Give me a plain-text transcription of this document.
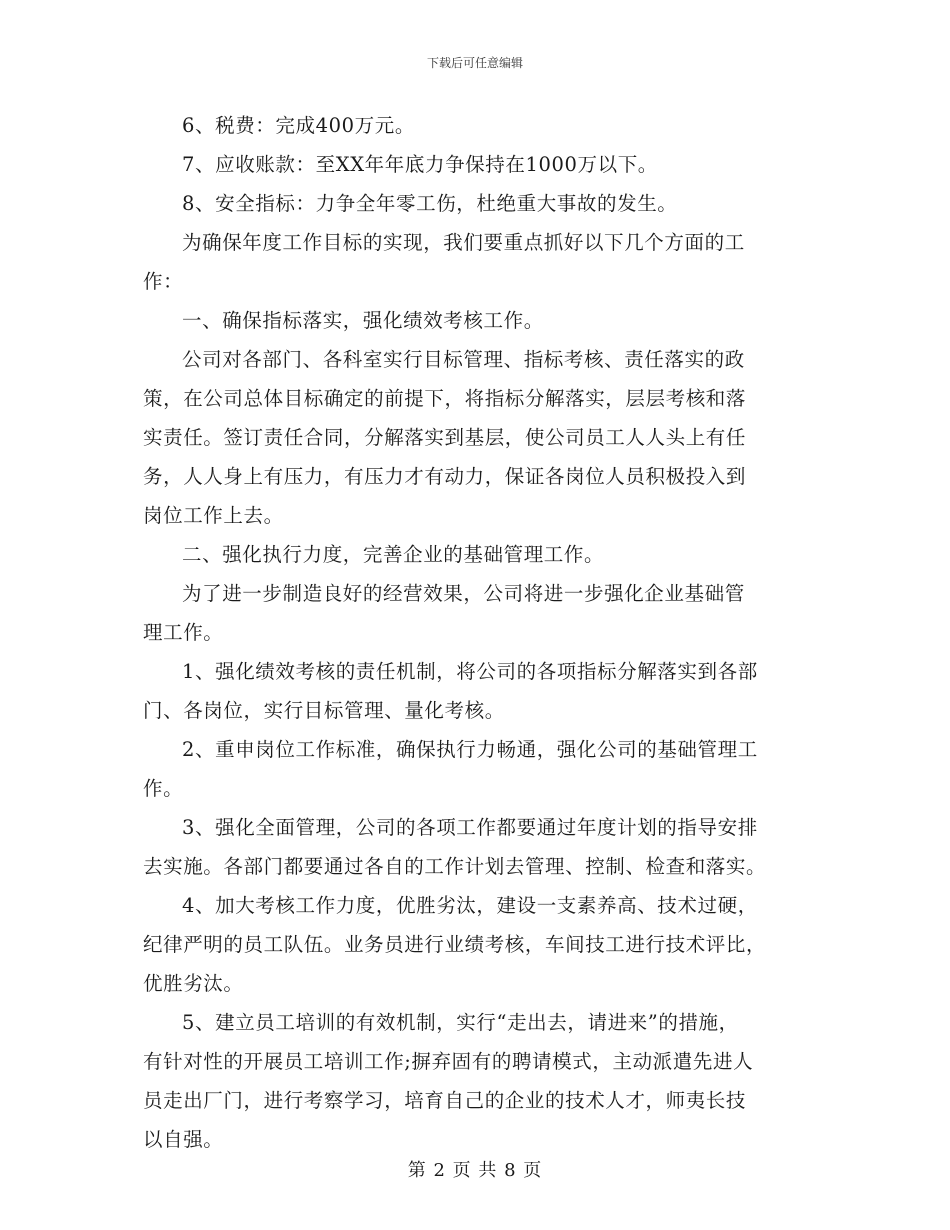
下载后可任意编辑

6、税费：完成400万元。

7、应收账款：至XX年年底力争保持在1000万以下。

8、安全指标：力争全年零工伤，杜绝重大事故的发生。

为确保年度工作目标的实现，我们要重点抓好以下几个方面的工
作：

一、确保指标落实，强化绩效考核工作。

公司对各部门、各科室实行目标管理、指标考核、责任落实的政
策，在公司总体目标确定的前提下，将指标分解落实，层层考核和落
实责任。签订责任合同，分解落实到基层，使公司员工人人头上有任
务，人人身上有压力，有压力才有动力，保证各岗位人员积极投入到
岗位工作上去。

二、强化执行力度，完善企业的基础管理工作。

为了进一步制造良好的经营效果，公司将进一步强化企业基础管
理工作。

1、强化绩效考核的责任机制，将公司的各项指标分解落实到各部
门、各岗位，实行目标管理、量化考核。

2、重申岗位工作标准，确保执行力畅通，强化公司的基础管理工
作。

3、强化全面管理，公司的各项工作都要通过年度计划的指导安排
去实施。各部门都要通过各自的工作计划去管理、控制、检查和落实。

4、加大考核工作力度，优胜劣汰，建设一支素养高、技术过硬，
纪律严明的员工队伍。业务员进行业绩考核，车间技工进行技术评比，
优胜劣汰。

5、建立员工培训的有效机制，实行“走出去，请进来”的措施，
有针对性的开展员工培训工作;摒弃固有的聘请模式，主动派遣先进人
员走出厂门，进行考察学习，培育自己的企业的技术人才，师夷长技
以自强。

第 2 页 共 8 页
